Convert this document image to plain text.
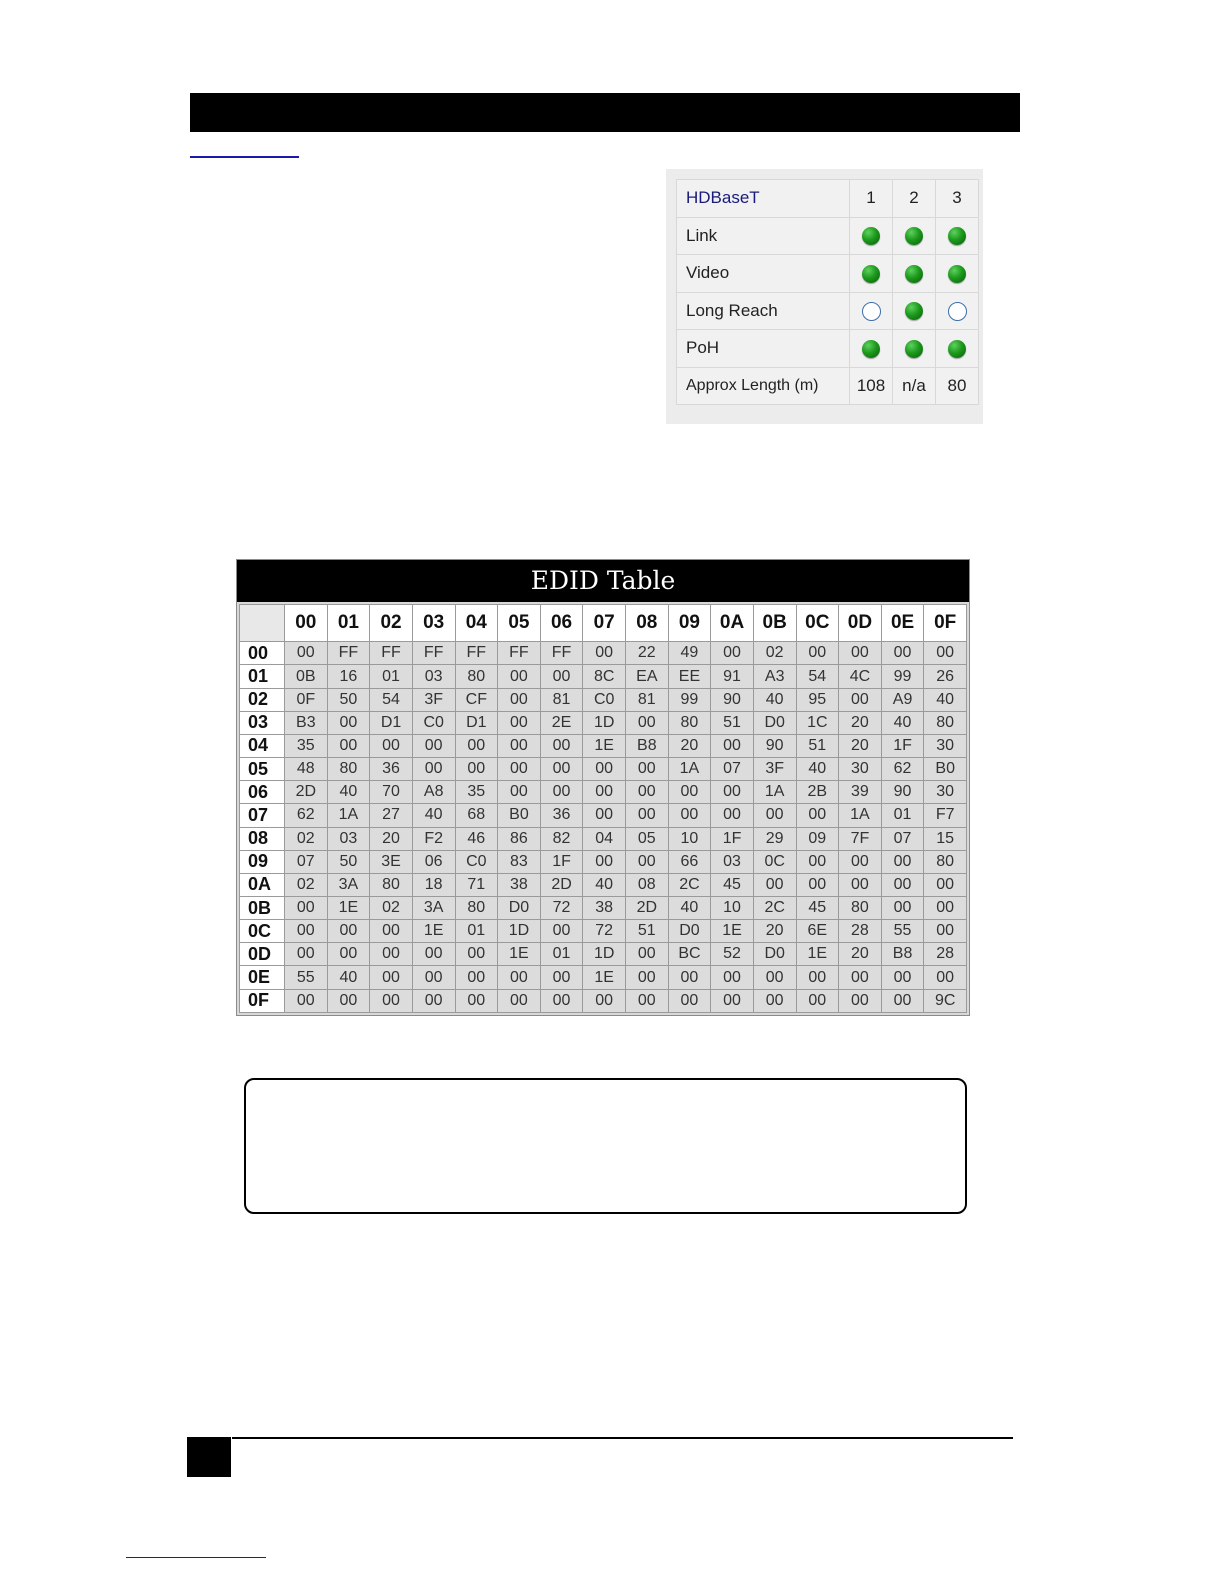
HDBaseT	1	2	3
Link			
Video			
Long Reach			
PoH			
Approx Length (m)	108	n/a	80
EDID Table
	00	01	02	03	04	05	06	07	08	09	0A	0B	0C	0D	0E	0F
00	00	FF	FF	FF	FF	FF	FF	00	22	49	00	02	00	00	00	00
01	0B	16	01	03	80	00	00	8C	EA	EE	91	A3	54	4C	99	26
02	0F	50	54	3F	CF	00	81	C0	81	99	90	40	95	00	A9	40
03	B3	00	D1	C0	D1	00	2E	1D	00	80	51	D0	1C	20	40	80
04	35	00	00	00	00	00	00	1E	B8	20	00	90	51	20	1F	30
05	48	80	36	00	00	00	00	00	00	1A	07	3F	40	30	62	B0
06	2D	40	70	A8	35	00	00	00	00	00	00	1A	2B	39	90	30
07	62	1A	27	40	68	B0	36	00	00	00	00	00	00	1A	01	F7
08	02	03	20	F2	46	86	82	04	05	10	1F	29	09	7F	07	15
09	07	50	3E	06	C0	83	1F	00	00	66	03	0C	00	00	00	80
0A	02	3A	80	18	71	38	2D	40	08	2C	45	00	00	00	00	00
0B	00	1E	02	3A	80	D0	72	38	2D	40	10	2C	45	80	00	00
0C	00	00	00	1E	01	1D	00	72	51	D0	1E	20	6E	28	55	00
0D	00	00	00	00	00	1E	01	1D	00	BC	52	D0	1E	20	B8	28
0E	55	40	00	00	00	00	00	1E	00	00	00	00	00	00	00	00
0F	00	00	00	00	00	00	00	00	00	00	00	00	00	00	00	9C
